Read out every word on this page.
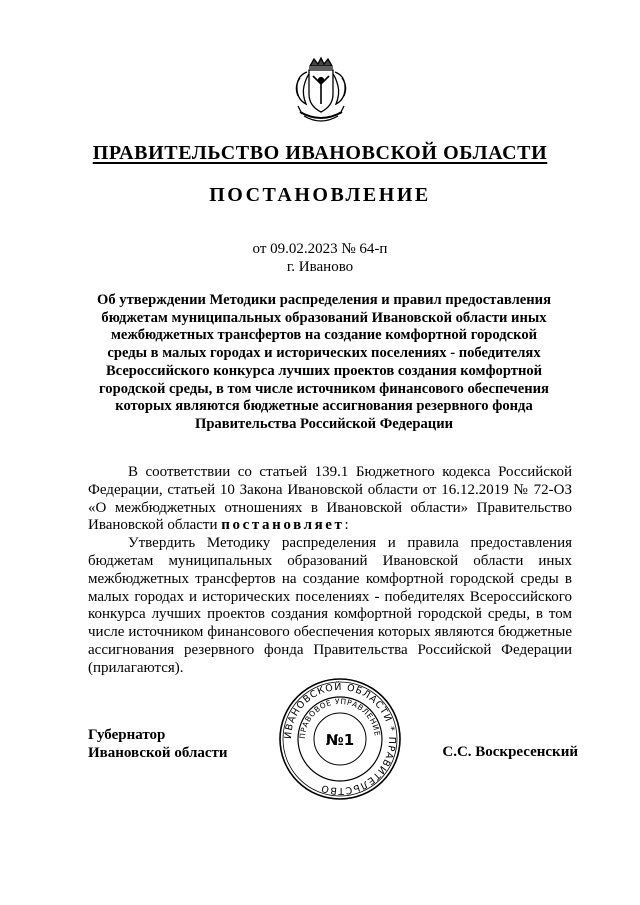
ПРАВИТЕЛЬСТВО ИВАНОВСКОЙ ОБЛАСТИ
ПОСТАНОВЛЕНИЕ
от 09.02.2023 № 64-п
г. Иваново
Об утверждении Методики распределения и правил предоставления
бюджетам муниципальных образований Ивановской области иных
межбюджетных трансфертов на создание комфортной городской
среды в малых городах и исторических поселениях - победителях
Всероссийского конкурса лучших проектов создания комфортной
городской среды, в том числе источником финансового обеспечения
которых являются бюджетные ассигнования резервного фонда
Правительства Российской Федерации

В соответствии со статьей 139.1 Бюджетного кодекса Российской Федерации, статьей 10 Закона Ивановской области от 16.12.2019 № 72-ОЗ «О межбюджетных отношениях в Ивановской области» Правительство Ивановской области постановляет:

Утвердить Методику распределения и правила предоставления бюджетам муниципальных образований Ивановской области иных межбюджетных трансфертов на создание комфортной городской среды в малых городах и исторических поселениях - победителях Всероссийского конкурса лучших проектов создания комфортной городской среды, в том числе источником финансового обеспечения которых являются бюджетные ассигнования резервного фонда Правительства Российской Федерации (прилагаются).

Губернатор
Ивановской области	С.С. Воскресенский
ИВАНОВСКОЙ ОБЛАСТИ * ПРАВИТЕЛЬСТВО
ПРАВОВОЕ УПРАВЛЕНИЕ
№1
